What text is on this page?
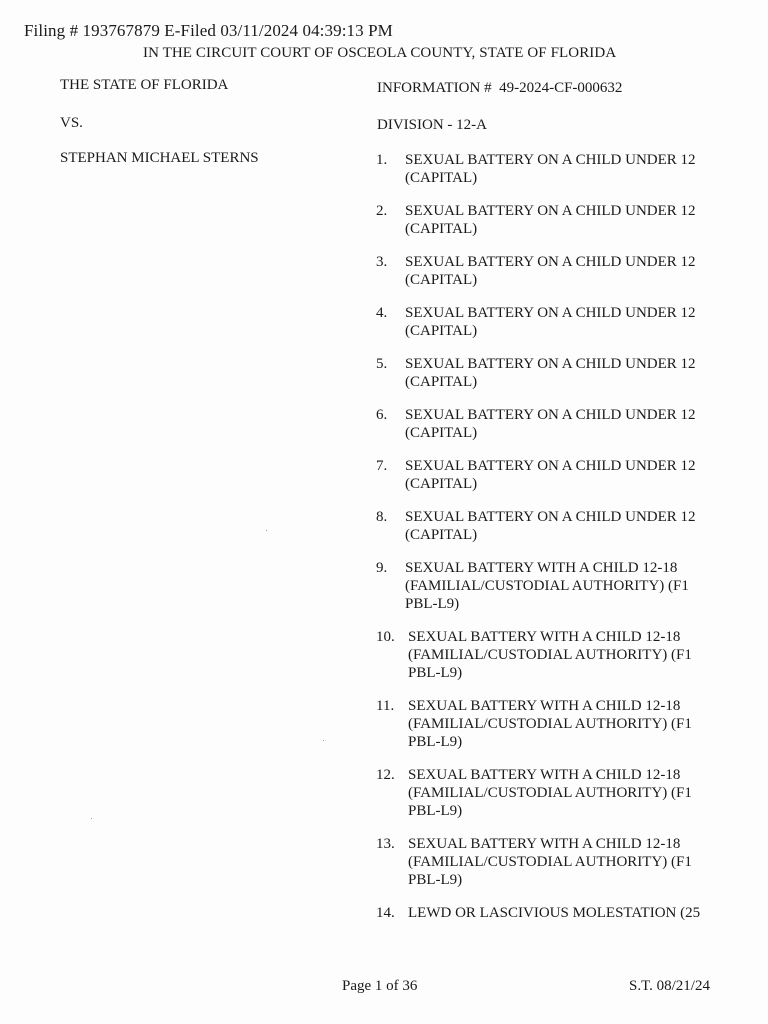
Filing # 193767879 E-Filed 03/11/2024 04:39:13 PM
IN THE CIRCUIT COURT OF OSCEOLA COUNTY, STATE OF FLORIDA
THE STATE OF FLORIDA
VS.
STEPHAN MICHAEL STERNS
INFORMATION # 49-2024-CF-000632
DIVISION - 12-A
1. SEXUAL BATTERY ON A CHILD UNDER 12 (CAPITAL)
2. SEXUAL BATTERY ON A CHILD UNDER 12 (CAPITAL)
3. SEXUAL BATTERY ON A CHILD UNDER 12 (CAPITAL)
4. SEXUAL BATTERY ON A CHILD UNDER 12 (CAPITAL)
5. SEXUAL BATTERY ON A CHILD UNDER 12 (CAPITAL)
6. SEXUAL BATTERY ON A CHILD UNDER 12 (CAPITAL)
7. SEXUAL BATTERY ON A CHILD UNDER 12 (CAPITAL)
8. SEXUAL BATTERY ON A CHILD UNDER 12 (CAPITAL)
9. SEXUAL BATTERY WITH A CHILD 12-18 (FAMILIAL/CUSTODIAL AUTHORITY) (F1 PBL-L9)
10. SEXUAL BATTERY WITH A CHILD 12-18 (FAMILIAL/CUSTODIAL AUTHORITY) (F1 PBL-L9)
11. SEXUAL BATTERY WITH A CHILD 12-18 (FAMILIAL/CUSTODIAL AUTHORITY) (F1 PBL-L9)
12. SEXUAL BATTERY WITH A CHILD 12-18 (FAMILIAL/CUSTODIAL AUTHORITY) (F1 PBL-L9)
13. SEXUAL BATTERY WITH A CHILD 12-18 (FAMILIAL/CUSTODIAL AUTHORITY) (F1 PBL-L9)
14. LEWD OR LASCIVIOUS MOLESTATION (25
Page 1 of 36	S.T. 08/21/24
